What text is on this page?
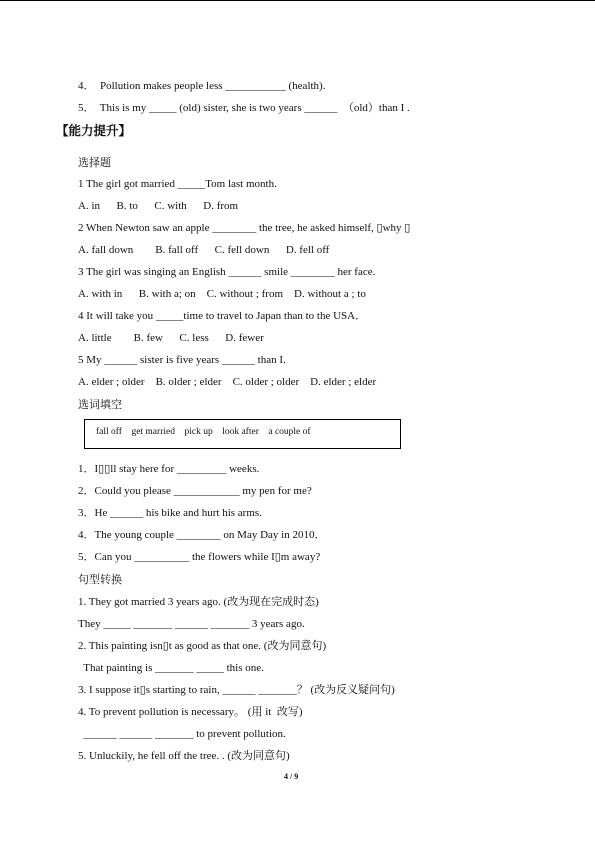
4．  Pollution makes people less ___________ (health).
5．  This is my _____ (old) sister, she is two years ______  （old）than I .
【能力提升】
选择题
1 The girl got married _____Tom last month.
A. in      B. to      C. with      D. from
2 When Newton saw an apple ________ the tree, he asked himself, ▯why ▯
A. fall down        B. fall off      C. fell down      D. fell off
3 The girl was singing an English ______ smile ________ her face.
A. with in      B. with a; on    C. without ; from    D. without a ; to
4 It will take you _____time to travel to Japan than to the USA．
A. little        B. few      C. less      D. fewer
5 My ______ sister is five years ______ than I.
A. elder ; older    B. older ; elder    C. older ; older    D. elder ; elder
选词填空
fall off    get married    pick up    look after    a couple of
1．I▯▯ll stay here for _________ weeks.
2．Could you please ____________ my pen for me?
3．He ______ his bike and hurt his arms.
4．The young couple ________ on May Day in 2010．
5．Can you __________ the flowers while I▯m away?
句型转换
1. They got married 3 years ago. (改为现在完成时态)
They _____ _______ ______ _______ 3 years ago.
2. This painting isn▯t as good as that one. (改为同意句)
That painting is _______ _____ this one.
3. I suppose it▯s starting to rain, ______ _______？ (改为反义疑问句)
4. To prevent pollution is necessary。 (用 it  改写)
______ ______ _______ to prevent pollution.
5. Unluckily, he fell off the tree. . (改为同意句)
4 / 9
